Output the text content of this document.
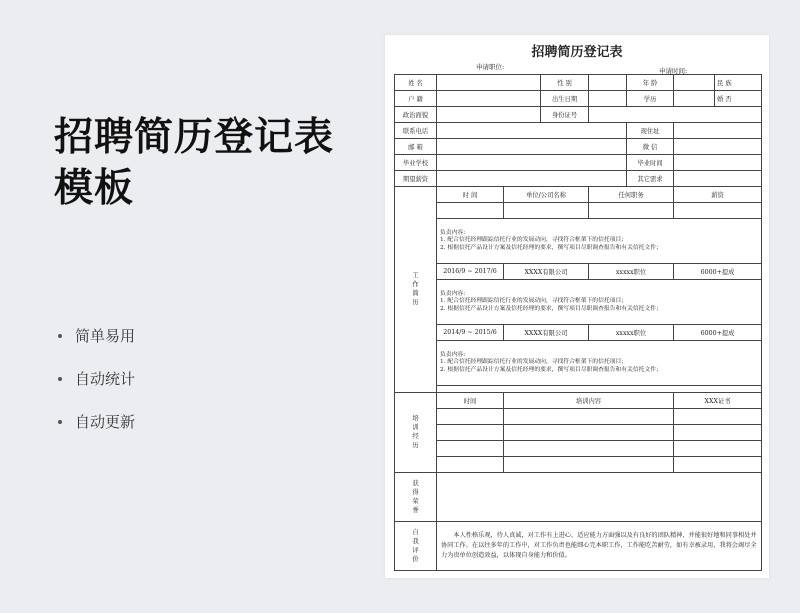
招聘简历登记表
模板
简单易用
自动统计
自动更新
招聘简历登记表
申请职位:	申请时间:
姓 名			性 别		年 龄		民 族
户 籍			出生日期		学历		婚 否
政治面貌			身份证号				
联系电话					现住址		
邮 箱					微 信		
毕业学校					毕业时间		
期望薪资					其它需求		
工作简历	时 间	单位/公司名称		任何职务		薪资	

	负责内容:
1. 配合信托经理跟踪信托行业的发展动向，寻找符合框架下的信托项目；
2. 根据信托产品设计方案及信托经理的要求，撰写项目尽职调查报告和有关信托文件；						

	2016/9 ~ 2017/6	XXXX有限公司		xxxxx职位		6000+提成	

	负责内容:
1. 配合信托经理跟踪信托行业的发展动向，寻找符合框架下的信托项目；
2. 根据信托产品设计方案及信托经理的要求，撰写项目尽职调查报告和有关信托文件；						

	2014/9 ~ 2015/6	XXXX有限公司		xxxxx职位		6000+提成	

	负责内容:
1. 配合信托经理跟踪信托行业的发展动向，寻找符合框架下的信托项目；
2. 根据信托产品设计方案及信托经理的要求，撰写项目尽职调查报告和有关信托文件；						

培训经历	时间	培训内容				XXX证书	

获得荣誉							
自我评价	本人性格乐观，待人真诚，对工作有上进心，适应能力方面强以及有良好的团队精神，并能很好地和同事相处并协同工作。在以往多年的工作中，对工作负责也能细心完本职工作，工作能吃苦耐劳，如有幸被录用，我将会竭尽全力为贵单位创造效益，以体现自身能力和价值。						
